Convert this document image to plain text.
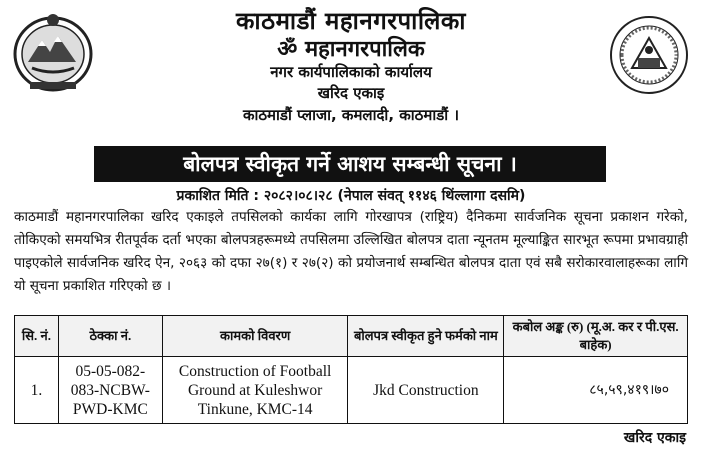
काठमाडौं महानगरपालिका
ॐ महानगरपालिक
नगर कार्यपालिकाको कार्यालय
खरिद एकाइ
काठमाडौं प्लाजा, कमलादी, काठमाडौं ।
बोलपत्र स्वीकृत गर्ने आशय सम्बन्धी सूचना ।
प्रकाशित मिति : २०८२।०८।२८ (नेपाल संवत् ११४६ थिंल्लागा दसमि)
काठमाडौं महानगरपालिका खरिद एकाइले तपसिलको कार्यका लागि गोरखापत्र (राष्ट्रिय) दैनिकमा सार्वजनिक सूचना प्रकाशन गरेको, तोकिएको समयभित्र रीतपूर्वक दर्ता भएका बोलपत्रहरूमध्ये तपसिलमा उल्लिखित बोलपत्र दाता न्यूनतम मूल्याङ्कित सारभूत रूपमा प्रभावग्राही पाइएकोले सार्वजनिक खरिद ऐन, २०६३ को दफा २७(१) र २७(२) को प्रयोजनार्थ सम्बन्धित बोलपत्र दाता एवं सबै सरोकारवालाहरूका लागि यो सूचना प्रकाशित गरिएको छ ।
सि. नं.	ठेक्का नं.	कामको विवरण	बोलपत्र स्वीकृत हुने फर्मको नाम	कबोल अङ्क (रु) (मू.अ. कर र पी.एस. बाहेक)
1.	05-05-082-083-NCBW-PWD-KMC	Construction of Football Ground at Kuleshwor Tinkune, KMC-14	Jkd Construction	८५,५९,४१९।७०
खरिद एकाइ
